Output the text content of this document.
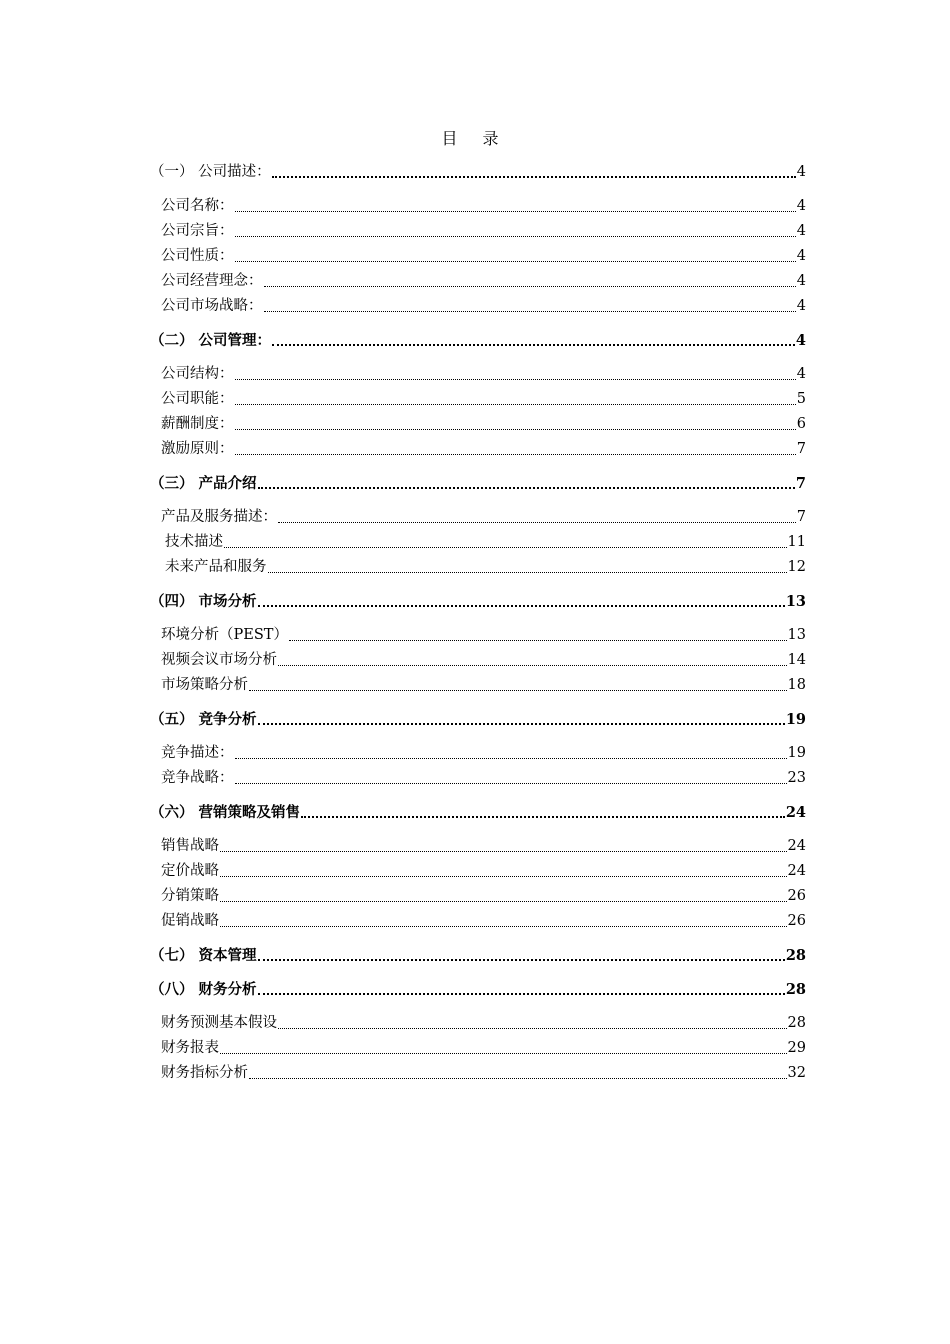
目 录
（一） 公司描述：	4
公司名称：	4
公司宗旨：	4
公司性质：	4
公司经营理念：	4
公司市场战略：	4
（二） 公司管理：	4
公司结构：	4
公司职能：	5
薪酬制度：	6
激励原则：	7
（三） 产品介绍	7
产品及服务描述：	7
技术描述	11
未来产品和服务	12
（四） 市场分析	13
环境分析（PEST）	13
视频会议市场分析	14
市场策略分析	18
（五） 竞争分析	19
竞争描述：	19
竞争战略：	23
（六） 营销策略及销售	24
销售战略	24
定价战略	24
分销策略	26
促销战略	26
（七） 资本管理	28
（八） 财务分析	28
财务预测基本假设	28
财务报表	29
财务指标分析	32
